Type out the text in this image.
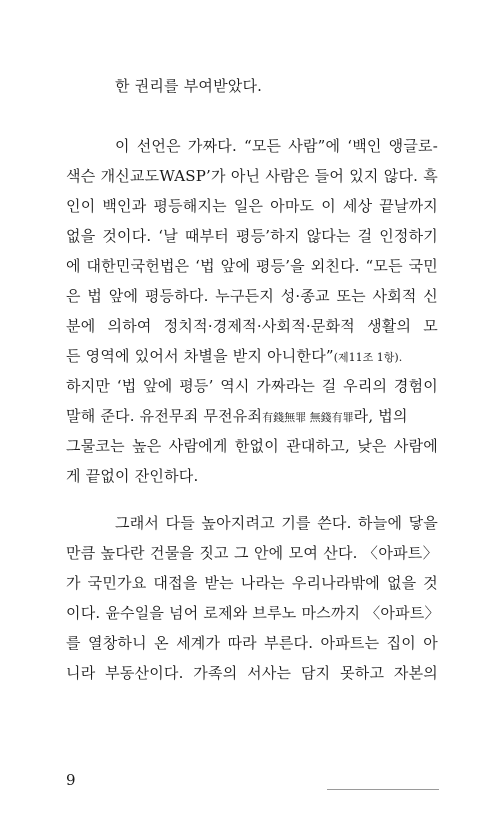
한 권리를 부여받았다.
이 선언은 가짜다. “모든 사람”에 ‘백인 앵글로-
색슨 개신교도WASP’가 아닌 사람은 들어 있지 않다. 흑
인이 백인과 평등해지는 일은 아마도 이 세상 끝날까지
없을 것이다. ‘날 때부터 평등’하지 않다는 걸 인정하기
에 대한민국헌법은 ‘법 앞에 평등’을 외친다. “모든 국민
은 법 앞에 평등하다. 누구든지 성·종교 또는 사회적 신
분에 의하여 정치적·경제적·사회적·문화적 생활의 모
든 영역에 있어서 차별을 받지 아니한다”(제11조 1항).
하지만 ‘법 앞에 평등’ 역시 가짜라는 걸 우리의 경험이
말해 준다. 유전무죄 무전유죄有錢無罪 無錢有罪라, 법의
그물코는 높은 사람에게 한없이 관대하고, 낮은 사람에
게 끝없이 잔인하다.
그래서 다들 높아지려고 기를 쓴다. 하늘에 닿을
만큼 높다란 건물을 짓고 그 안에 모여 산다. 〈아파트〉
가 국민가요 대접을 받는 나라는 우리나라밖에 없을 것
이다. 윤수일을 넘어 로제와 브루노 마스까지 〈아파트〉
를 열창하니 온 세계가 따라 부른다. 아파트는 집이 아
니라 부동산이다. 가족의 서사는 담지 못하고 자본의
9
